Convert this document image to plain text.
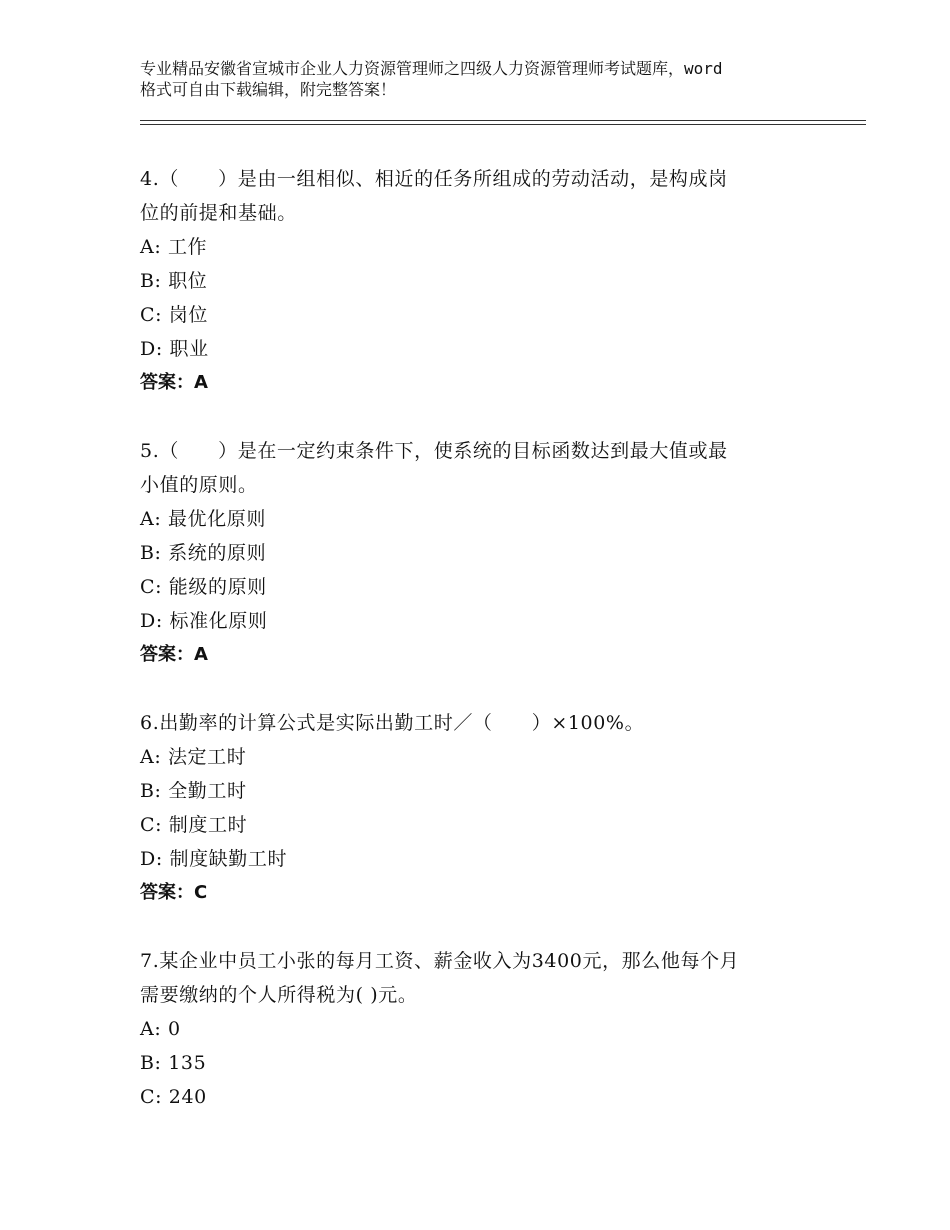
专业精品安徽省宣城市企业人力资源管理师之四级人力资源管理师考试题库，word
格式可自由下载编辑，附完整答案！
4.（　　）是由一组相似、相近的任务所组成的劳动活动，是构成岗
位的前提和基础。
A: 工作
B: 职位
C: 岗位
D: 职业
答案：A
5.（　　）是在一定约束条件下，使系统的目标函数达到最大值或最
小值的原则。
A: 最优化原则
B: 系统的原则
C: 能级的原则
D: 标准化原则
答案：A
6.出勤率的计算公式是实际出勤工时／（　　）×100%。
A: 法定工时
B: 全勤工时
C: 制度工时
D: 制度缺勤工时
答案：C
7.某企业中员工小张的每月工资、薪金收入为3400元，那么他每个月
需要缴纳的个人所得税为( )元。
A: 0
B: 135
C: 240
